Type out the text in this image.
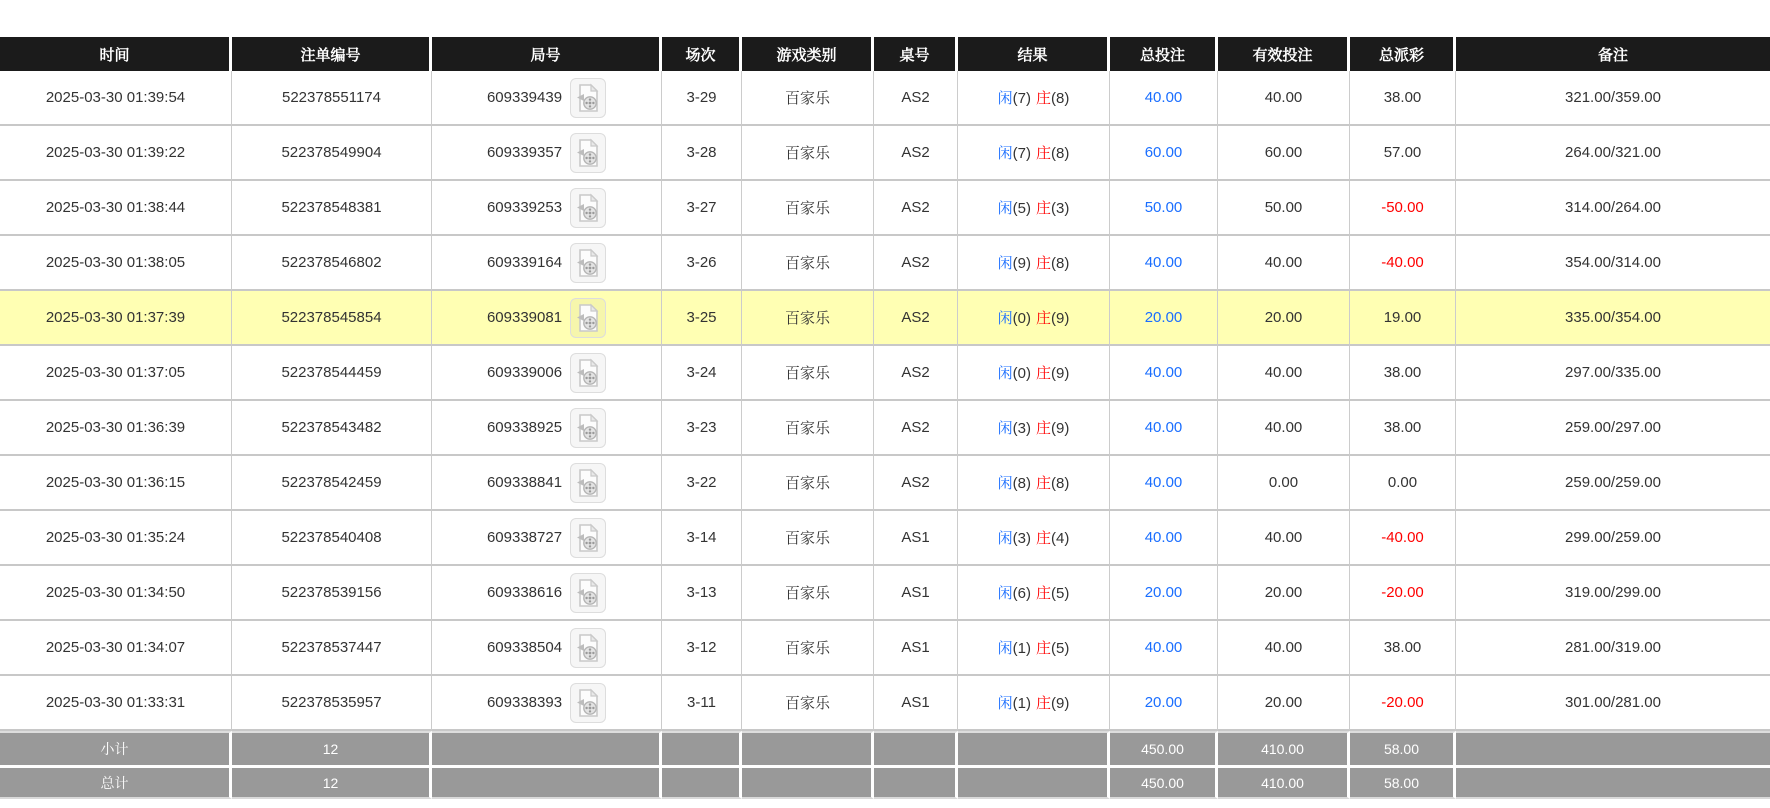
时间	注单编号	局号	场次	游戏类别	桌号	结果	总投注	有效投注	总派彩	备注
2025-03-30 01:39:54	522378551174	609339439	3-29	百家乐	AS2	闲(7) 庄(8)	40.00	40.00	38.00	321.00/359.00
2025-03-30 01:39:22	522378549904	609339357	3-28	百家乐	AS2	闲(7) 庄(8)	60.00	60.00	57.00	264.00/321.00
2025-03-30 01:38:44	522378548381	609339253	3-27	百家乐	AS2	闲(5) 庄(3)	50.00	50.00	-50.00	314.00/264.00
2025-03-30 01:38:05	522378546802	609339164	3-26	百家乐	AS2	闲(9) 庄(8)	40.00	40.00	-40.00	354.00/314.00
2025-03-30 01:37:39	522378545854	609339081	3-25	百家乐	AS2	闲(0) 庄(9)	20.00	20.00	19.00	335.00/354.00
2025-03-30 01:37:05	522378544459	609339006	3-24	百家乐	AS2	闲(0) 庄(9)	40.00	40.00	38.00	297.00/335.00
2025-03-30 01:36:39	522378543482	609338925	3-23	百家乐	AS2	闲(3) 庄(9)	40.00	40.00	38.00	259.00/297.00
2025-03-30 01:36:15	522378542459	609338841	3-22	百家乐	AS2	闲(8) 庄(8)	40.00	0.00	0.00	259.00/259.00
2025-03-30 01:35:24	522378540408	609338727	3-14	百家乐	AS1	闲(3) 庄(4)	40.00	40.00	-40.00	299.00/259.00
2025-03-30 01:34:50	522378539156	609338616	3-13	百家乐	AS1	闲(6) 庄(5)	20.00	20.00	-20.00	319.00/299.00
2025-03-30 01:34:07	522378537447	609338504	3-12	百家乐	AS1	闲(1) 庄(5)	40.00	40.00	38.00	281.00/319.00
2025-03-30 01:33:31	522378535957	609338393	3-11	百家乐	AS1	闲(1) 庄(9)	20.00	20.00	-20.00	301.00/281.00
小计	12						450.00	410.00	58.00	
总计	12						450.00	410.00	58.00	
